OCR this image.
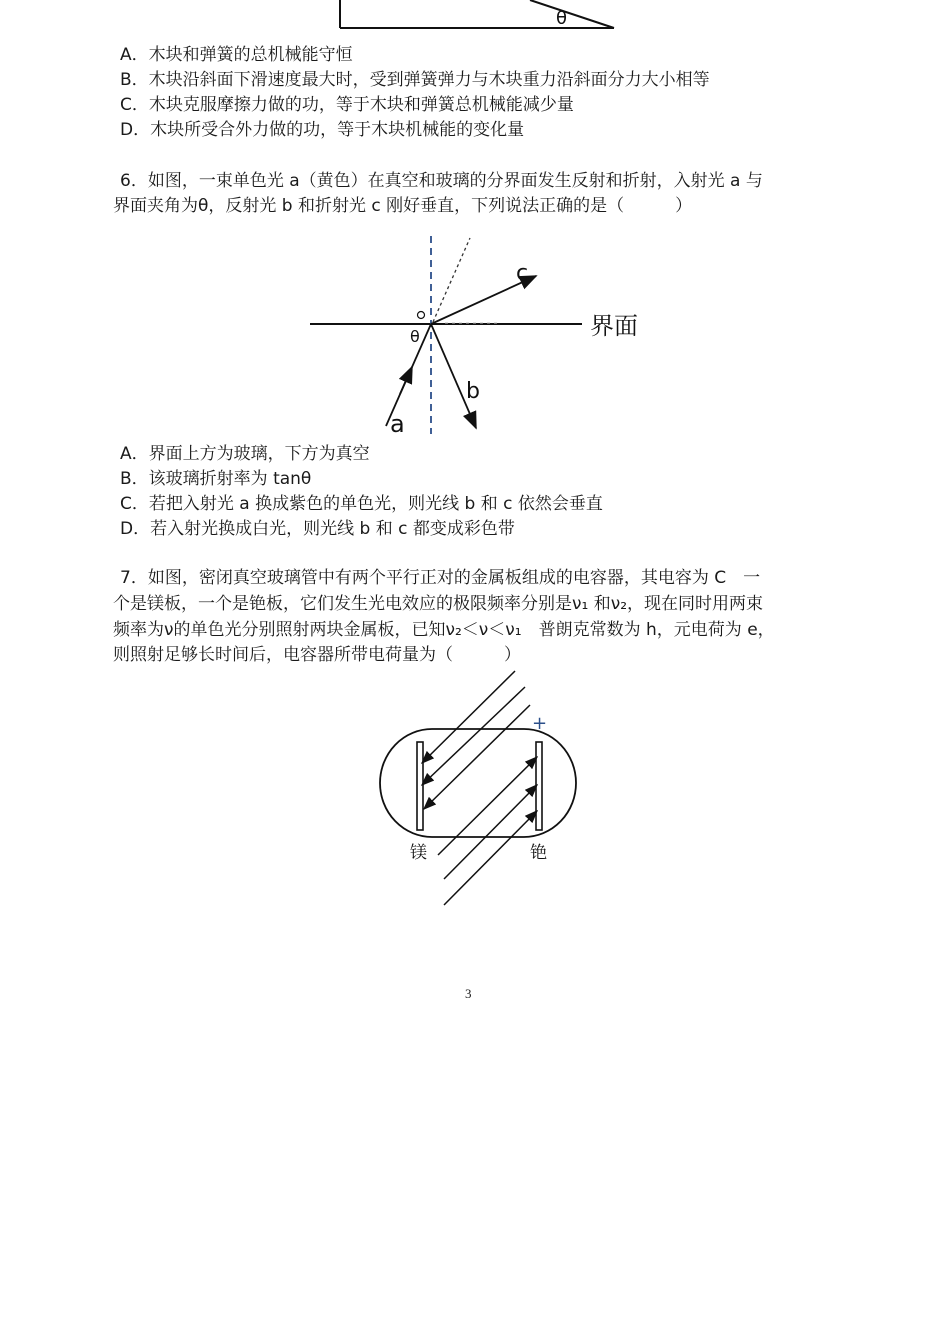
θ
A．木块和弹簧的总机械能守恒
B．木块沿斜面下滑速度最大时，受到弹簧弹力与木块重力沿斜面分力大小相等
C．木块克服摩擦力做的功，等于木块和弹簧总机械能减少量
D．木块所受合外力做的功，等于木块机械能的变化量
6．如图，一束单色光 a（黄色）在真空和玻璃的分界面发生反射和折射，入射光 a 与
界面夹角为θ，反射光 b 和折射光 c 刚好垂直，下列说法正确的是（　　　）
c
界面
θ
b
a
A．界面上方为玻璃，下方为真空
B．该玻璃折射率为 tanθ
C．若把入射光 a 换成紫色的单色光，则光线 b 和 c 依然会垂直
D．若入射光换成白光，则光线 b 和 c 都变成彩色带
7．如图，密闭真空玻璃管中有两个平行正对的金属板组成的电容器，其电容为 C　一
个是镁板，一个是铯板，它们发生光电效应的极限频率分别是ν₁ 和ν₂，现在同时用两束
频率为ν的单色光分别照射两块金属板，已知ν₂＜ν＜ν₁　普朗克常数为 h，元电荷为 e，
则照射足够长时间后，电容器所带电荷量为（　　　）
+
镁	铯
3
